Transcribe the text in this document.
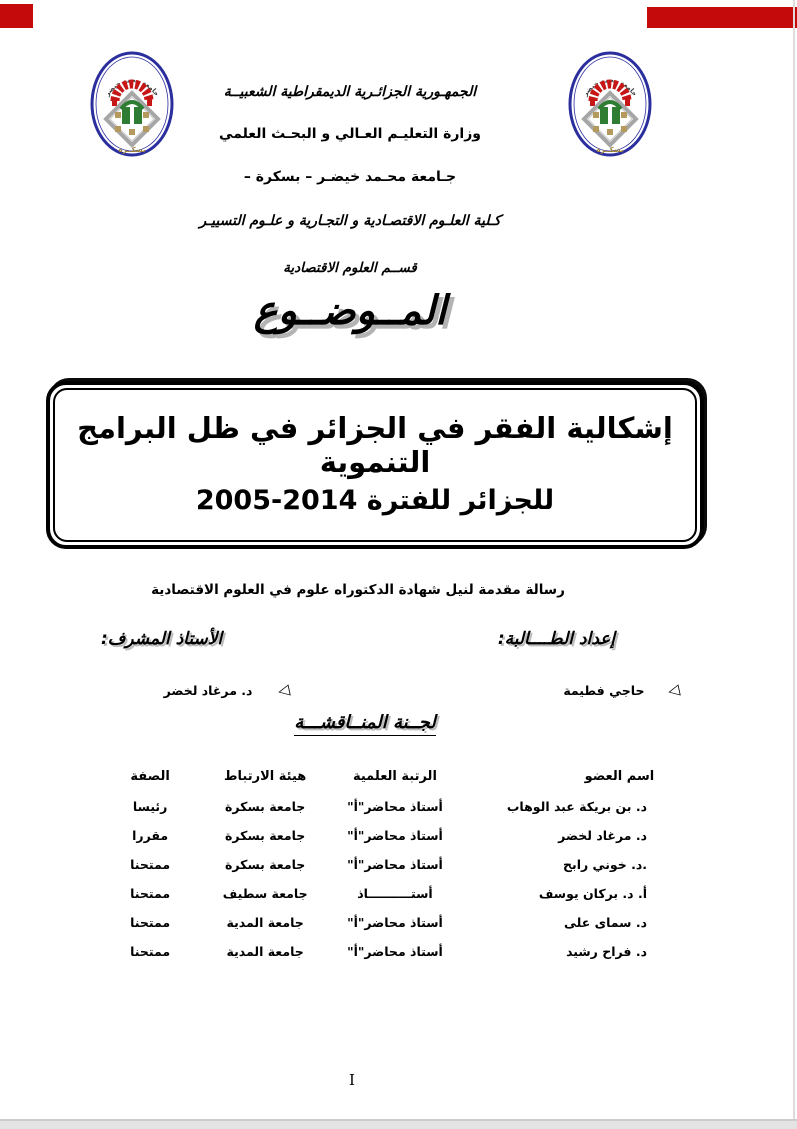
الجمهـورية الجزائـرية الديمقراطية الشعبيــة
وزارة التعليـم العـالي و البحـث العلمي
جـامعة محـمد خيضـر – بسكرة –
كـلية العلـوم الاقتصـادية و التجـارية و علـوم التسييـر
قســم العلوم الاقتصادية
المــوضــوع
إشكالية الفقر في الجزائر في ظل البرامج التنموية
للجزائر للفترة 2014-2005
رسالة مقدمة لنيل شهادة الدكتوراه علوم في العلوم الاقتصادية
إعداد الطــــالبة:
الأستاذ المشرف:
◁
حاجي فطيمة
◁
د. مرغاد لخضر
لجــنة المنــاقشـــة
اسم العضو	الرتبة العلمية	هيئة الارتباط	الصفة
د. بن بريكة عبد الوهاب	أستاذ محاضر"أ"	جامعة بسكرة	رئيسا
د. مرغاد لخضر	أستاذ محاضر"أ"	جامعة بسكرة	مقررا
.د. خوني رابح	أستاذ محاضر"أ"	جامعة بسكرة	ممتحنا
أ. د. بركان يوسف	أستــــــــــاذ	جامعة سطيف	ممتحنا
د. سماى على	أستاذ محاضر"أ"	جامعة المدية	ممتحنا
د. فراح رشيد	أستاذ محاضر"أ"	جامعة المدية	ممتحنا
I
